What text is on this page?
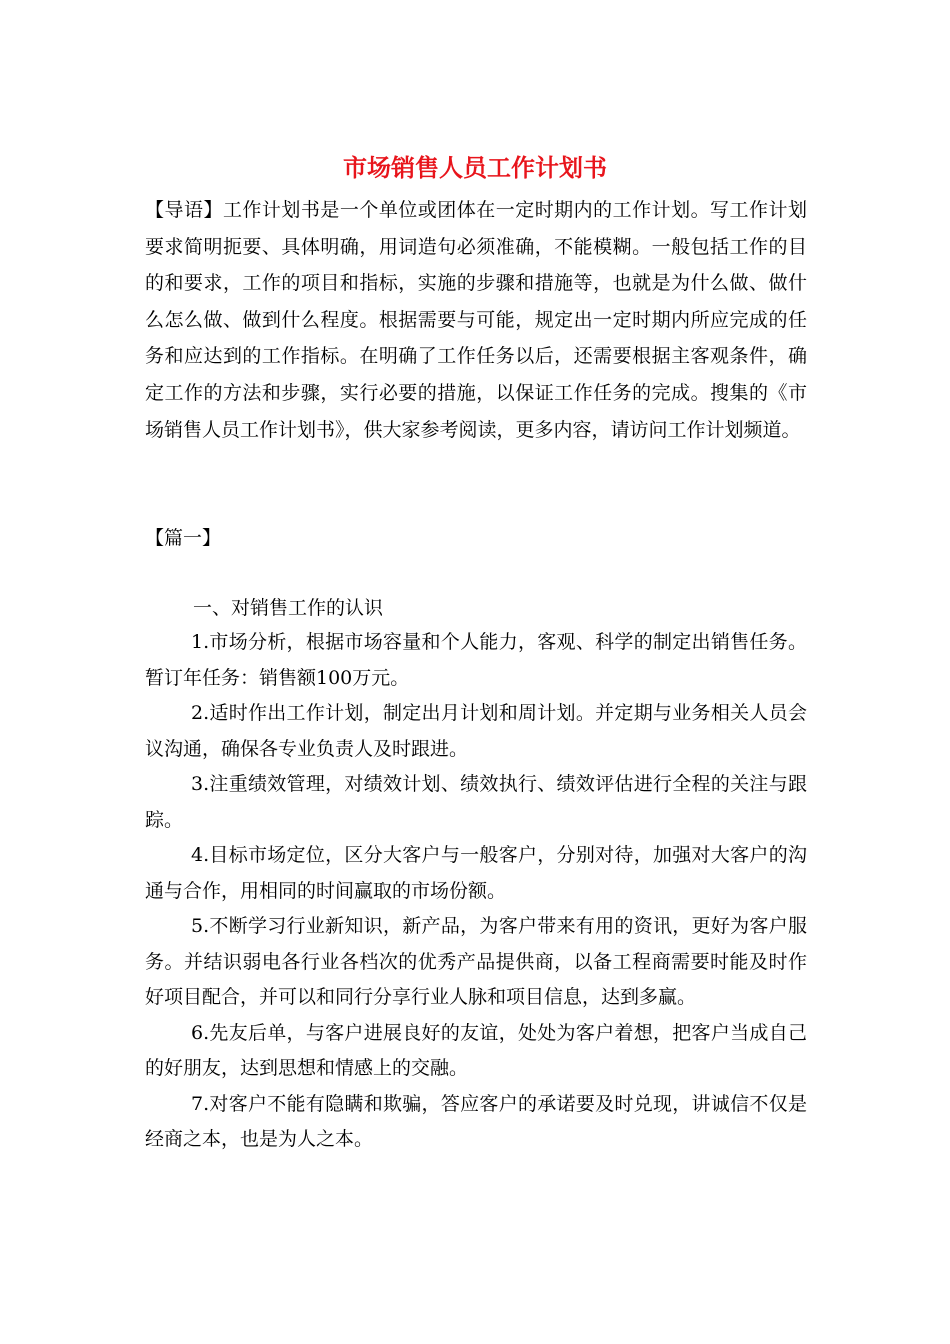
市场销售人员工作计划书

【导语】工作计划书是一个单位或团体在一定时期内的工作计划。写工作计划要求简明扼要、具体明确，用词造句必须准确，不能模糊。一般包括工作的目的和要求，工作的项目和指标，实施的步骤和措施等，也就是为什么做、做什么怎么做、做到什么程度。根据需要与可能，规定出一定时期内所应完成的任务和应达到的工作指标。在明确了工作任务以后，还需要根据主客观条件，确定工作的方法和步骤，实行必要的措施，以保证工作任务的完成。搜集的《市场销售人员工作计划书》，供大家参考阅读，更多内容，请访问工作计划频道。

【篇一】

一、对销售工作的认识

1.市场分析，根据市场容量和个人能力，客观、科学的制定出销售任务。暂订年任务：销售额100万元。
2.适时作出工作计划，制定出月计划和周计划。并定期与业务相关人员会议沟通，确保各专业负责人及时跟进。
3.注重绩效管理，对绩效计划、绩效执行、绩效评估进行全程的关注与跟踪。
4.目标市场定位，区分大客户与一般客户，分别对待，加强对大客户的沟通与合作，用相同的时间赢取的市场份额。
5.不断学习行业新知识，新产品，为客户带来有用的资讯，更好为客户服务。并结识弱电各行业各档次的优秀产品提供商，以备工程商需要时能及时作好项目配合，并可以和同行分享行业人脉和项目信息，达到多赢。
6.先友后单，与客户进展良好的友谊，处处为客户着想，把客户当成自己的好朋友，达到思想和情感上的交融。
7.对客户不能有隐瞒和欺骗，答应客户的承诺要及时兑现，讲诚信不仅是经商之本，也是为人之本。
